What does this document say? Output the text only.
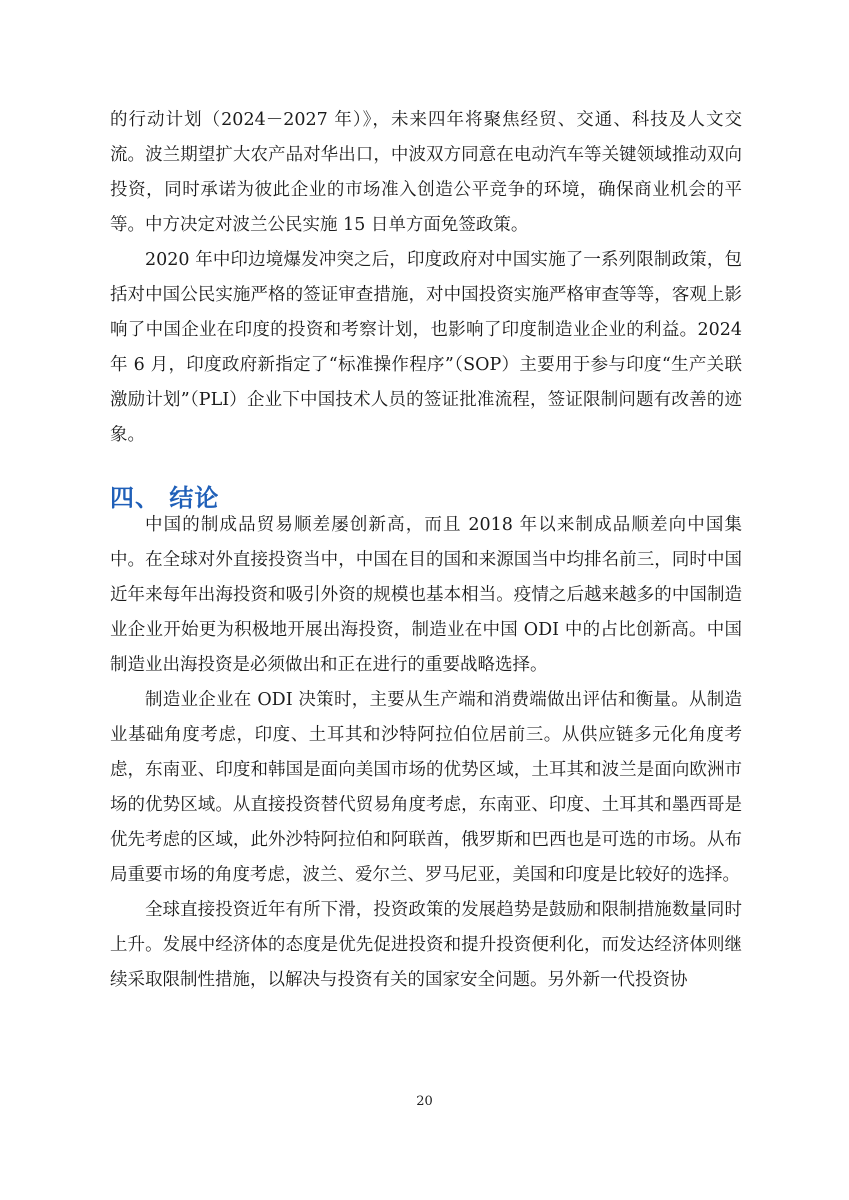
的行动计划（2024－2027 年）》，未来四年将聚焦经贸、交通、科技及人文交流。波兰期望扩大农产品对华出口，中波双方同意在电动汽车等关键领域推动双向投资，同时承诺为彼此企业的市场准入创造公平竞争的环境，确保商业机会的平等。中方决定对波兰公民实施 15 日单方面免签政策。

2020 年中印边境爆发冲突之后，印度政府对中国实施了一系列限制政策，包括对中国公民实施严格的签证审查措施，对中国投资实施严格审查等等，客观上影响了中国企业在印度的投资和考察计划，也影响了印度制造业企业的利益。2024 年 6 月，印度政府新指定了“标准操作程序”（SOP）主要用于参与印度“生产关联激励计划”（PLI）企业下中国技术人员的签证批准流程，签证限制问题有改善的迹象。

四、 结论

中国的制成品贸易顺差屡创新高，而且 2018 年以来制成品顺差向中国集中。在全球对外直接投资当中，中国在目的国和来源国当中均排名前三，同时中国近年来每年出海投资和吸引外资的规模也基本相当。疫情之后越来越多的中国制造业企业开始更为积极地开展出海投资，制造业在中国 ODI 中的占比创新高。中国制造业出海投资是必须做出和正在进行的重要战略选择。

制造业企业在 ODI 决策时，主要从生产端和消费端做出评估和衡量。从制造业基础角度考虑，印度、土耳其和沙特阿拉伯位居前三。从供应链多元化角度考虑，东南亚、印度和韩国是面向美国市场的优势区域，土耳其和波兰是面向欧洲市场的优势区域。从直接投资替代贸易角度考虑，东南亚、印度、土耳其和墨西哥是优先考虑的区域，此外沙特阿拉伯和阿联酋，俄罗斯和巴西也是可选的市场。从布局重要市场的角度考虑，波兰、爱尔兰、罗马尼亚，美国和印度是比较好的选择。

全球直接投资近年有所下滑，投资政策的发展趋势是鼓励和限制措施数量同时上升。发展中经济体的态度是优先促进投资和提升投资便利化，而发达经济体则继续采取限制性措施，以解决与投资有关的国家安全问题。另外新一代投资协

20
